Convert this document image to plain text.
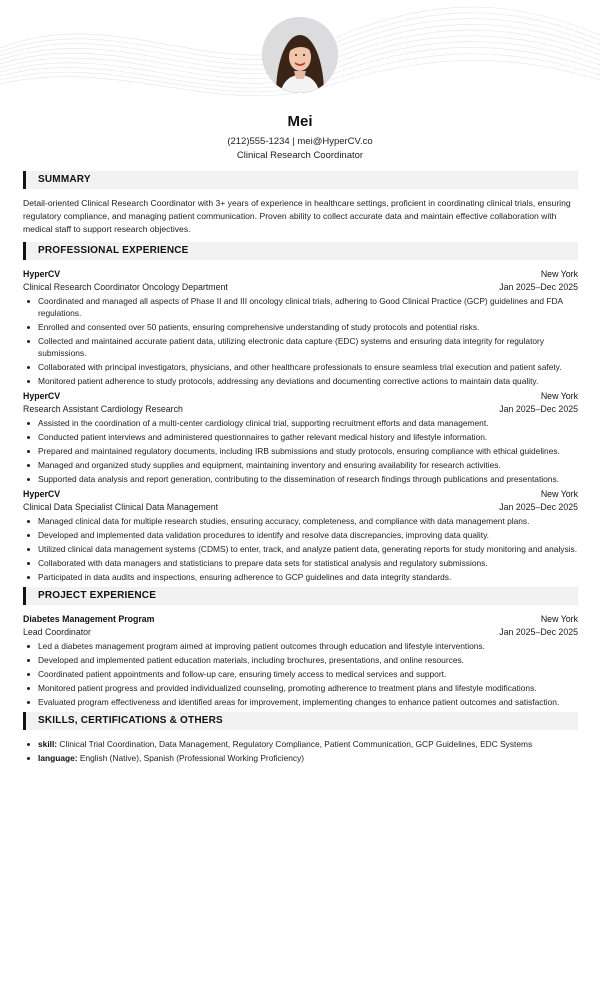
Mei
(212)555-1234 | mei@HyperCV.co
Clinical Research Coordinator
SUMMARY

Detail-oriented Clinical Research Coordinator with 3+ years of experience in healthcare settings, proficient in coordinating clinical trials, ensuring regulatory compliance, and managing patient communication. Proven ability to collect accurate data and maintain effective collaboration with medical staff to support research objectives.

PROFESSIONAL EXPERIENCE
HyperCV	New York
Clinical Research Coordinator Oncology Department	Jan 2025–Dec 2025
Coordinated and managed all aspects of Phase II and III oncology clinical trials, adhering to Good Clinical Practice (GCP) guidelines and FDA regulations.
Enrolled and consented over 50 patients, ensuring comprehensive understanding of study protocols and potential risks.
Collected and maintained accurate patient data, utilizing electronic data capture (EDC) systems and ensuring data integrity for regulatory submissions.
Collaborated with principal investigators, physicians, and other healthcare professionals to ensure seamless trial execution and patient safety.
Monitored patient adherence to study protocols, addressing any deviations and documenting corrective actions to maintain data quality.
HyperCV	New York
Research Assistant Cardiology Research	Jan 2025–Dec 2025
Assisted in the coordination of a multi-center cardiology clinical trial, supporting recruitment efforts and data management.
Conducted patient interviews and administered questionnaires to gather relevant medical history and lifestyle information.
Prepared and maintained regulatory documents, including IRB submissions and study protocols, ensuring compliance with ethical guidelines.
Managed and organized study supplies and equipment, maintaining inventory and ensuring availability for research activities.
Supported data analysis and report generation, contributing to the dissemination of research findings through publications and presentations.
HyperCV	New York
Clinical Data Specialist Clinical Data Management	Jan 2025–Dec 2025
Managed clinical data for multiple research studies, ensuring accuracy, completeness, and compliance with data management plans.
Developed and implemented data validation procedures to identify and resolve data discrepancies, improving data quality.
Utilized clinical data management systems (CDMS) to enter, track, and analyze patient data, generating reports for study monitoring and analysis.
Collaborated with data managers and statisticians to prepare data sets for statistical analysis and regulatory submissions.
Participated in data audits and inspections, ensuring adherence to GCP guidelines and data integrity standards.
PROJECT EXPERIENCE
Diabetes Management Program	New York
Lead Coordinator	Jan 2025–Dec 2025
Led a diabetes management program aimed at improving patient outcomes through education and lifestyle interventions.
Developed and implemented patient education materials, including brochures, presentations, and online resources.
Coordinated patient appointments and follow-up care, ensuring timely access to medical services and support.
Monitored patient progress and provided individualized counseling, promoting adherence to treatment plans and lifestyle modifications.
Evaluated program effectiveness and identified areas for improvement, implementing changes to enhance patient outcomes and satisfaction.
SKILLS, CERTIFICATIONS & OTHERS
skill: Clinical Trial Coordination, Data Management, Regulatory Compliance, Patient Communication, GCP Guidelines, EDC Systems
language: English (Native), Spanish (Professional Working Proficiency)
